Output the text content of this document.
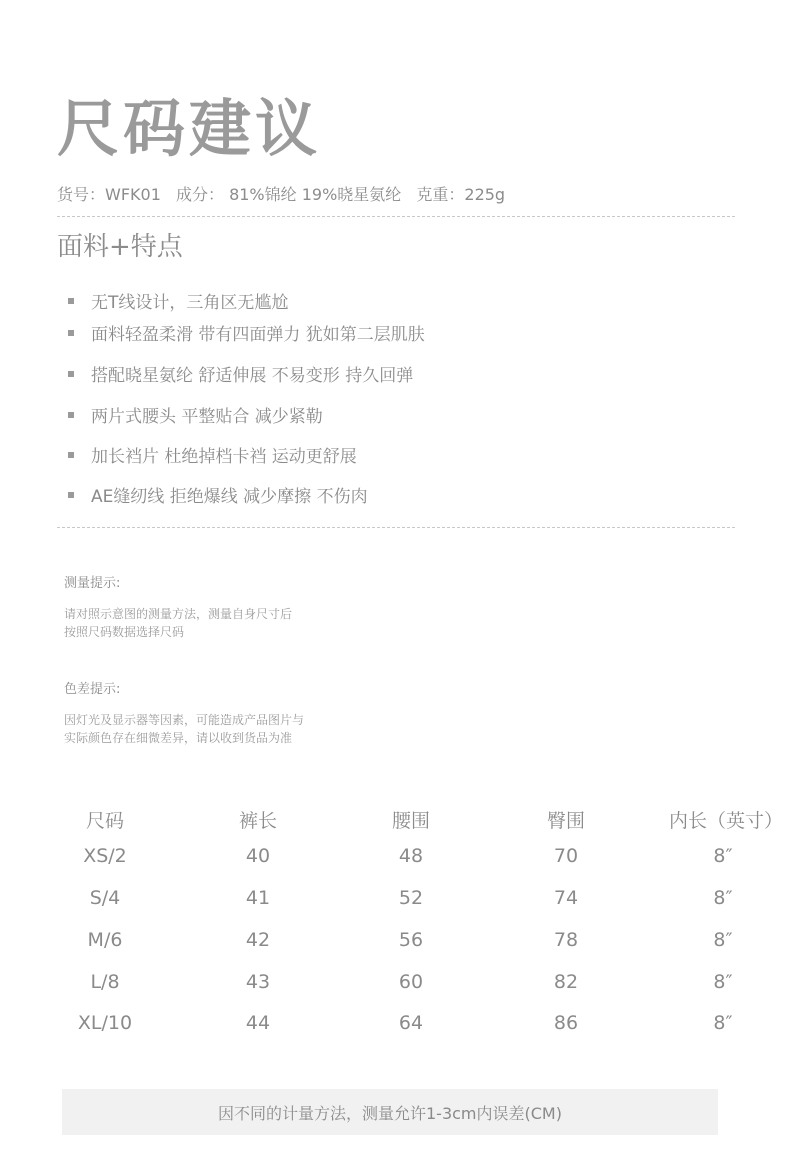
尺码建议
货号：WFK01 成分： 81%锦纶 19%晓星氨纶 克重：225g
面料+特点
无T线设计，三角区无尴尬
面料轻盈柔滑 带有四面弹力 犹如第二层肌肤
搭配晓星氨纶 舒适伸展 不易变形 持久回弹
两片式腰头 平整贴合 减少紧勒
加长裆片 杜绝掉档卡裆 运动更舒展
AE缝纫线 拒绝爆线 减少摩擦 不伤肉
测量提示:
请对照示意图的测量方法，测量自身尺寸后
按照尺码数据选择尺码
色差提示:
因灯光及显示器等因素，可能造成产品图片与
实际颜色存在细微差异，请以收到货品为准
尺码	裤长	腰围	臀围	内长（英寸）
XS/2	40	48	70	8″
S/4	41	52	74	8″
M/6	42	56	78	8″
L/8	43	60	82	8″
XL/10	44	64	86	8″
因不同的计量方法，测量允许1-3cm内误差(CM)
